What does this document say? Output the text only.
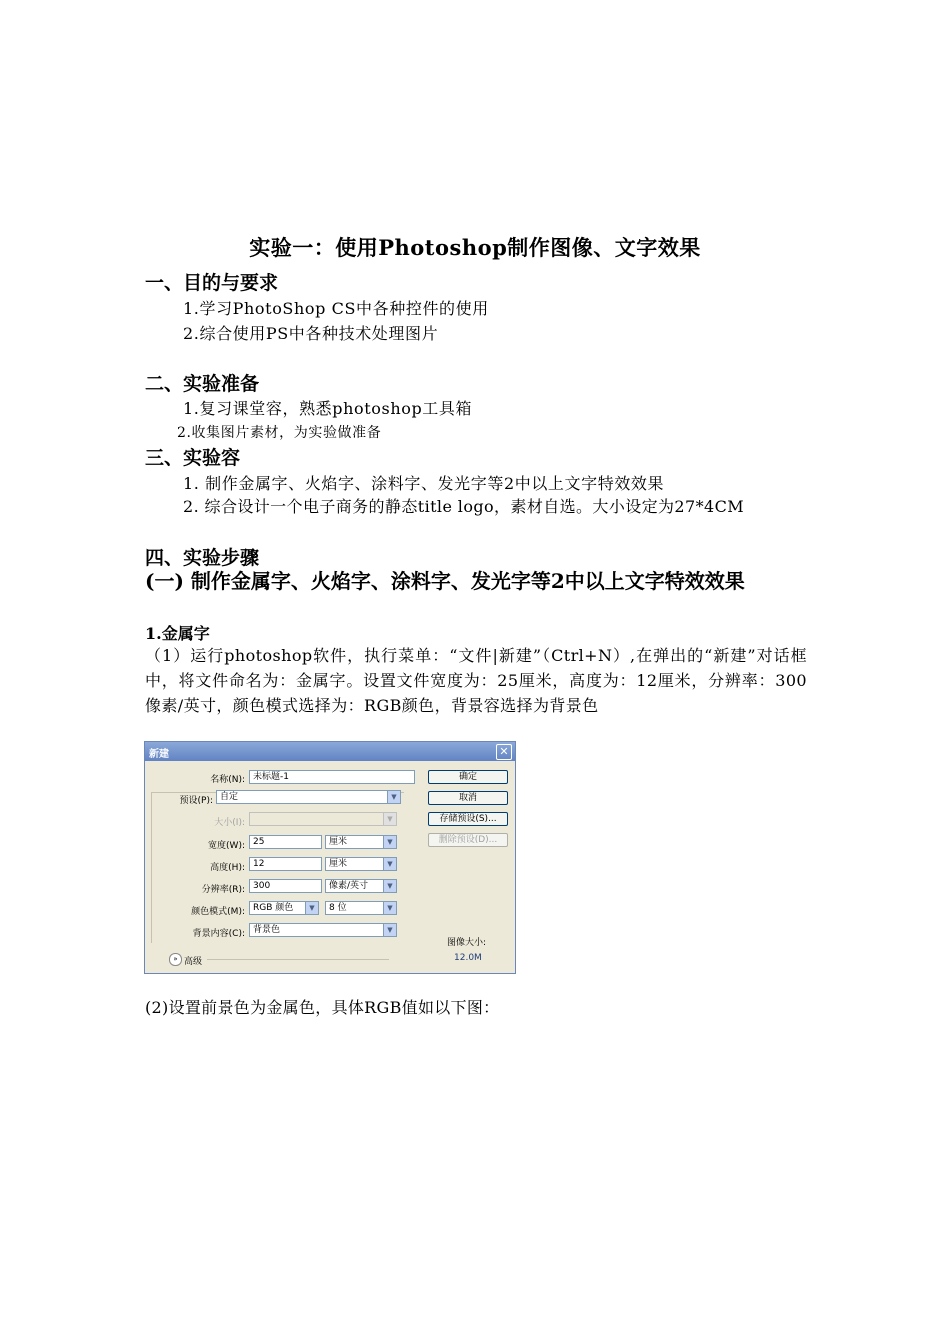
实验一：使用Photoshop制作图像、文字效果
一、目的与要求
1.学习PhotoShop CS中各种控件的使用
2.综合使用PS中各种技术处理图片
二、实验准备
1.复习课堂容，熟悉photoshop工具箱
2.收集图片素材，为实验做准备
三、实验容
1. 制作金属字、火焰字、涂料字、发光字等2中以上文字特效效果
2. 综合设计一个电子商务的静态title logo，素材自选。大小设定为27*4CM
四、实验步骤
(一) 制作金属字、火焰字、涂料字、发光字等2中以上文字特效效果
1.金属字
（1）运行photoshop软件，执行菜单：“文件|新建”（Ctrl+N）,在弹出的“新建”对话框中，将文件命名为：金属字。设置文件宽度为：25厘米，高度为：12厘米，分辨率：300像素/英寸，颜色模式选择为：RGB颜色，背景容选择为背景色
新建	✕
名称(N): 未标题-1
预设(P): 自定	▼
大小(I):	▼
宽度(W): 25	厘米	▼
高度(H): 12	厘米	▼
分辨率(R): 300	像素/英寸	▼
颜色模式(M): RGB 颜色	▼	8 位	▼
背景内容(C): 背景色	▼
» 高级
确定
取消
存储预设(S)...
删除预设(D)...
图像大小:
12.0M
(2)设置前景色为金属色，具体RGB值如以下图：
